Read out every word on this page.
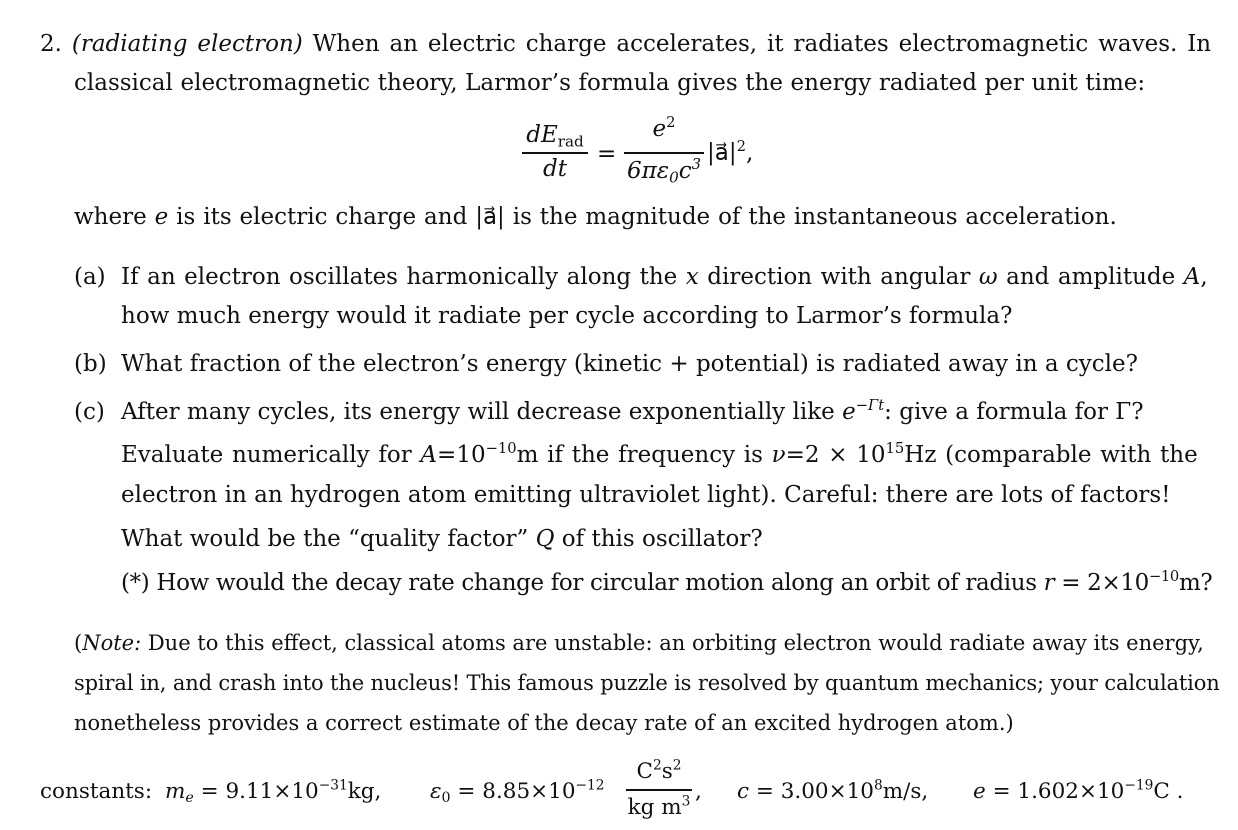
2. (radiating electron) When an electric charge accelerates, it radiates electromagnetic waves. In
classical electromagnetic theory, Larmor’s formula gives the energy radiated per unit time:
$dE_{rad}$
dt
=
$e^2$
$6\pi\varepsilon_0c^3$ $|a⃗|^2$,
where e is its electric charge and |a⃗| is the magnitude of the instantaneous acceleration.
(a) If an electron oscillates harmonically along the x direction with angular ω and amplitude A,
how much energy would it radiate per cycle according to Larmor’s formula?
(b) What fraction of the electron’s energy (kinetic + potential) is radiated away in a cycle?
(c) After many cycles, its energy will decrease exponentially like $e^{-\Gamma t}$: give a formula for Γ?
Evaluate numerically for $A=10^{-10}m$ if the frequency is $\nu=2 \times 10^{15}Hz$ (comparable with the
electron in an hydrogen atom emitting ultraviolet light). Careful: there are lots of factors!
What would be the “quality factor” Q of this oscillator?
(*) How would the decay rate change for circular motion along an orbit of radius $r = 2\times 10^{-10}m$?
(Note: Due to this effect, classical atoms are unstable: an orbiting electron would radiate away its energy,
spiral in, and crash into the nucleus! This famous puzzle is resolved by quantum mechanics; your calculation
nonetheless provides a correct estimate of the decay rate of an excited hydrogen atom.)
constants: $m_e = 9.11\times 10^{-31}kg$, $\varepsilon_0 = 8.85\times 10^{-12}$
$C^2s^2$
kg $m^3$ , $c = 3.00\times 10^8m/s$, $e = 1.602\times 10^{-19}C$ .
